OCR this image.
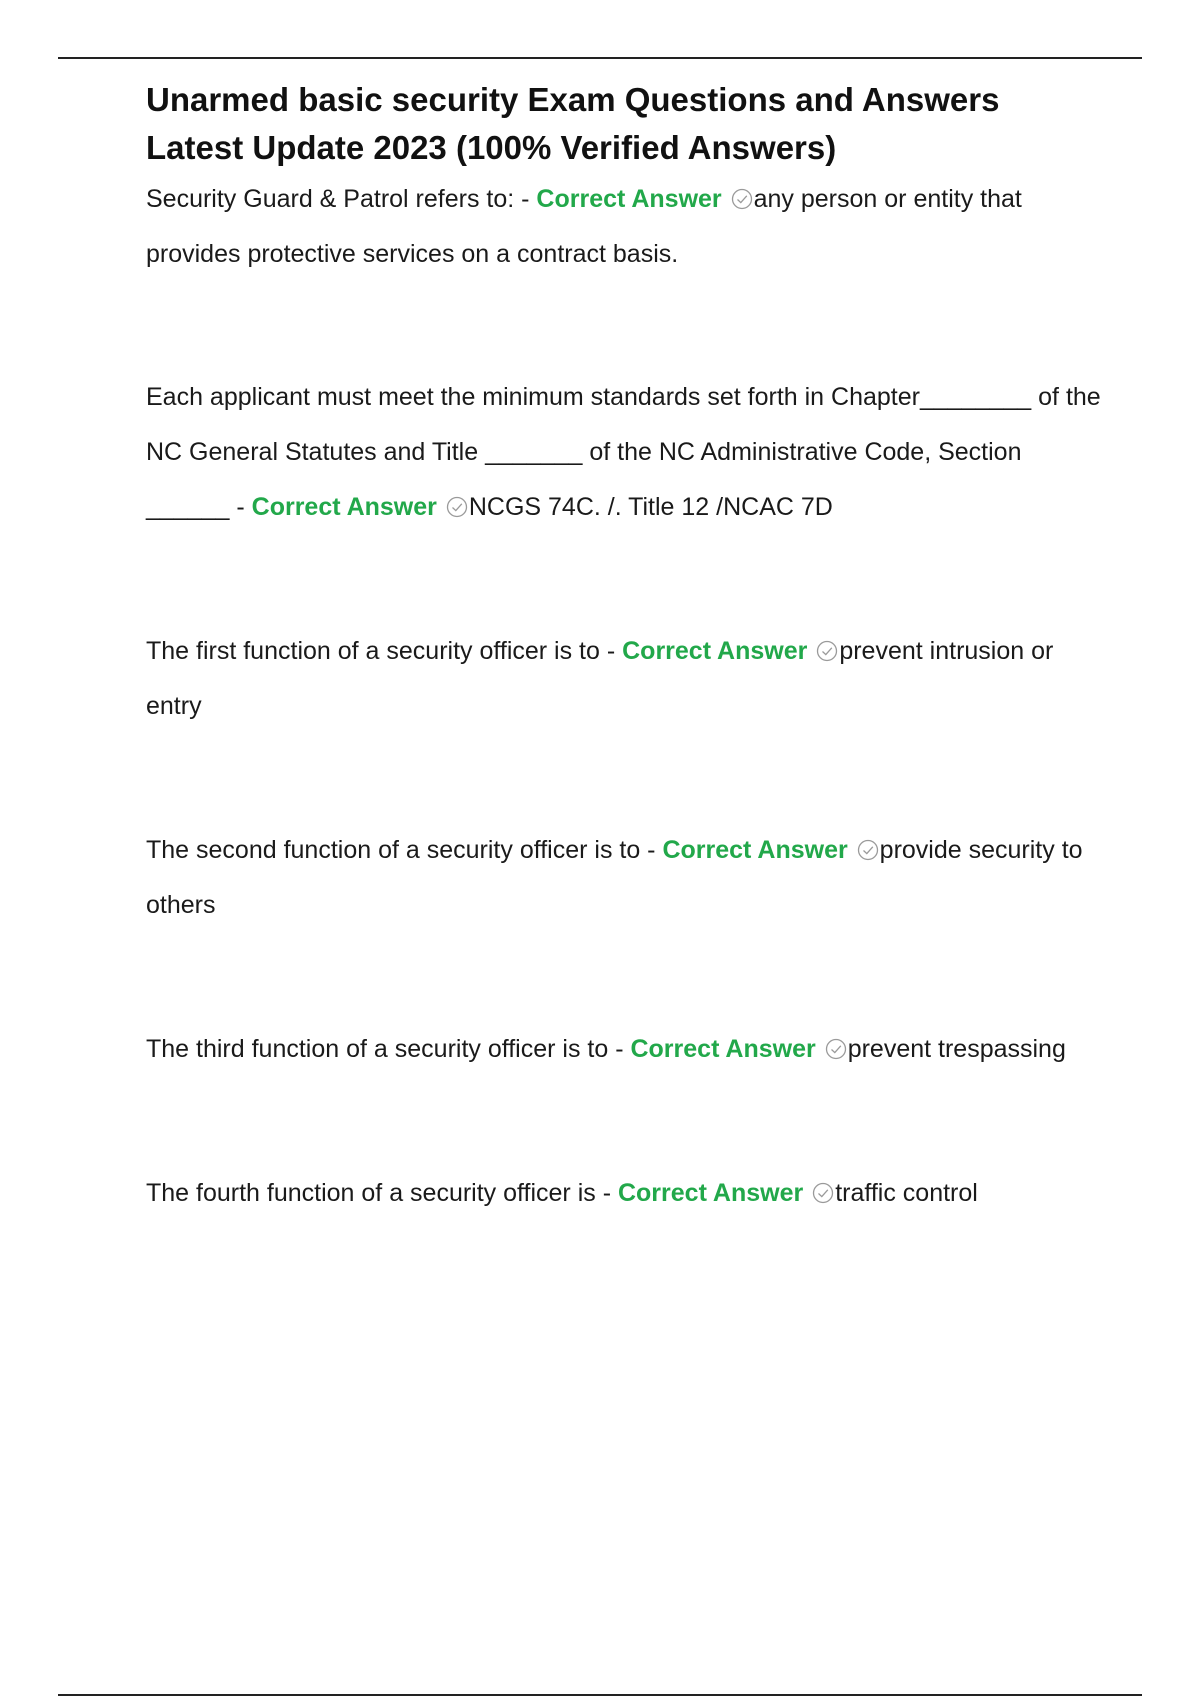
Unarmed basic security Exam Questions and Answers
Latest Update 2023 (100% Verified Answers)

Security Guard & Patrol refers to: - Correct Answer any person or entity that provides protective services on a contract basis.

Each applicant must meet the minimum standards set forth in Chapter________ of the NC General Statutes and Title _______ of the NC Administrative Code, Section ______ - Correct Answer NCGS 74C. /. Title 12 /NCAC 7D

The first function of a security officer is to - Correct Answer prevent intrusion or entry

The second function of a security officer is to - Correct Answer provide security to others

The third function of a security officer is to - Correct Answer prevent trespassing

The fourth function of a security officer is - Correct Answer traffic control
